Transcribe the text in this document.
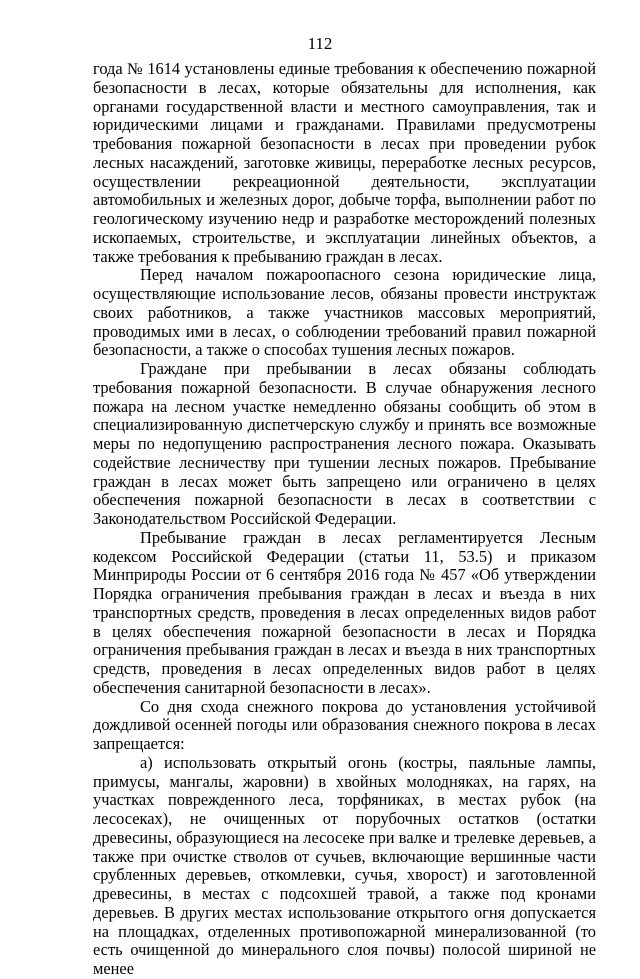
112

года № 1614 установлены единые требования к обеспечению пожарной безопасности в лесах, которые обязательны для исполнения, как органами государственной власти и местного самоуправления, так и юридическими лицами и гражданами. Правилами предусмотрены требования пожарной безопасности в лесах при проведении рубок лесных насаждений, заготовке живицы, переработке лесных ресурсов, осуществлении рекреационной деятельности, эксплуатации автомобильных и железных дорог, добыче торфа, выполнении работ по геологическому изучению недр и разработке месторождений полезных ископаемых, строительстве, и эксплуатации линейных объектов, а также требования к пребыванию граждан в лесах.

Перед началом пожароопасного сезона юридические лица, осуществляющие использование лесов, обязаны провести инструктаж своих работников, а также участников массовых мероприятий, проводимых ими в лесах, о соблюдении требований правил пожарной безопасности, а также о способах тушения лесных пожаров.

Граждане при пребывании в лесах обязаны соблюдать требования пожарной безопасности. В случае обнаружения лесного пожара на лесном участке немедленно обязаны сообщить об этом в специализированную диспетчерскую службу и принять все возможные меры по недопущению распространения лесного пожара. Оказывать содействие лесничеству при тушении лесных пожаров. Пребывание граждан в лесах может быть запрещено или ограничено в целях обеспечения пожарной безопасности в лесах в соответствии с Законодательством Российской Федерации.

Пребывание граждан в лесах регламентируется Лесным кодексом Российской Федерации (статьи 11, 53.5) и приказом Минприроды России от 6 сентября 2016 года № 457 «Об утверждении Порядка ограничения пребывания граждан в лесах и въезда в них транспортных средств, проведения в лесах определенных видов работ в целях обеспечения пожарной безопасности в лесах и Порядка ограничения пребывания граждан в лесах и въезда в них транспортных средств, проведения в лесах определенных видов работ в целях обеспечения санитарной безопасности в лесах».

Со дня схода снежного покрова до установления устойчивой дождливой осенней погоды или образования снежного покрова в лесах запрещается:

а) использовать открытый огонь (костры, паяльные лампы, примусы, мангалы, жаровни) в хвойных молодняках, на гарях, на участках поврежденного леса, торфяниках, в местах рубок (на лесосеках), не очищенных от порубочных остатков (остатки древесины, образующиеся на лесосеке при валке и трелевке деревьев, а также при очистке стволов от сучьев, включающие вершинные части срубленных деревьев, откомлевки, сучья, хворост) и заготовленной древесины, в местах с подсохшей травой, а также под кронами деревьев. В других местах использование открытого огня допускается на площадках, отделенных противопожарной минерализованной (то есть очищенной до минерального слоя почвы) полосой шириной не менее
